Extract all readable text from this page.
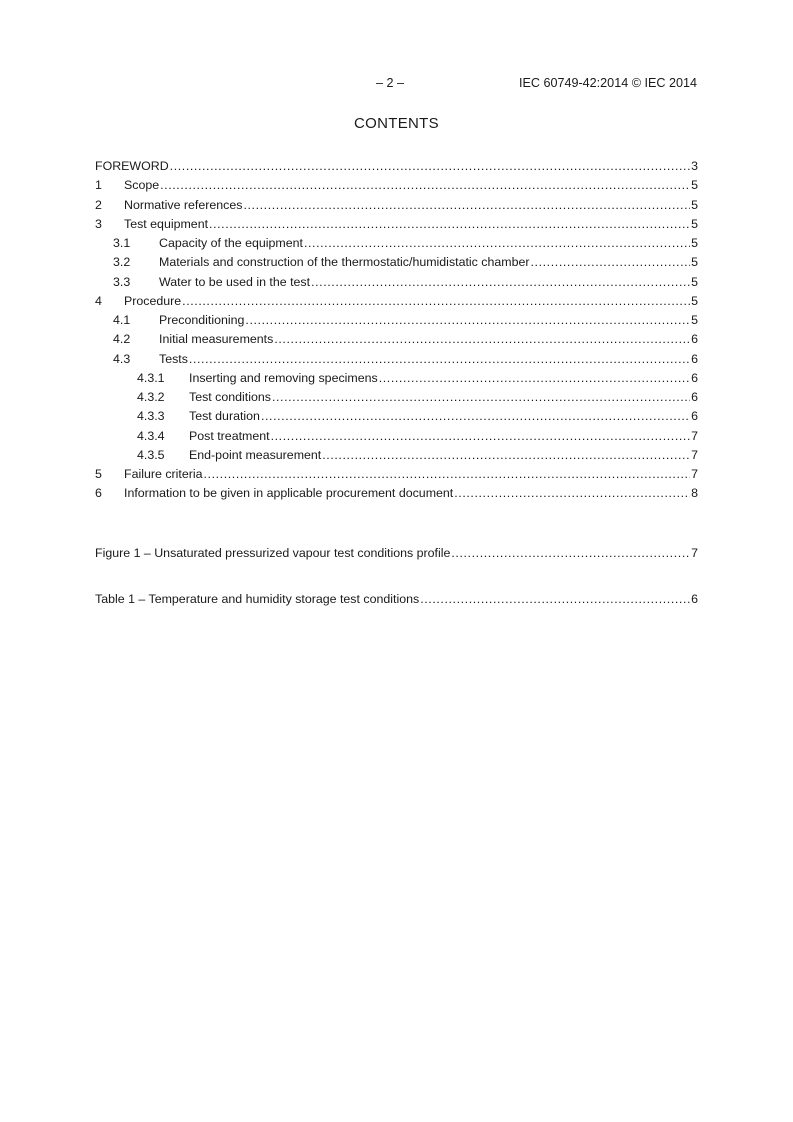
– 2 –	IEC 60749-42:2014 © IEC 2014
CONTENTS
FOREWORD .....	3
1	Scope .....	5
2	Normative references .....	5
3	Test equipment .....	5
3.1	Capacity of the equipment .....	5
3.2	Materials and construction of the thermostatic/humidistatic chamber .....	5
3.3	Water to be used in the test .....	5
4	Procedure .....	5
4.1	Preconditioning .....	5
4.2	Initial measurements .....	6
4.3	Tests .....	6
4.3.1	Inserting and removing specimens .....	6
4.3.2	Test conditions .....	6
4.3.3	Test duration .....	6
4.3.4	Post treatment .....	7
4.3.5	End-point measurement .....	7
5	Failure criteria .....	7
6	Information to be given in applicable procurement document .....	8
Figure 1 – Unsaturated pressurized vapour test conditions profile .....	7
Table 1 – Temperature and humidity storage test conditions .....	6
